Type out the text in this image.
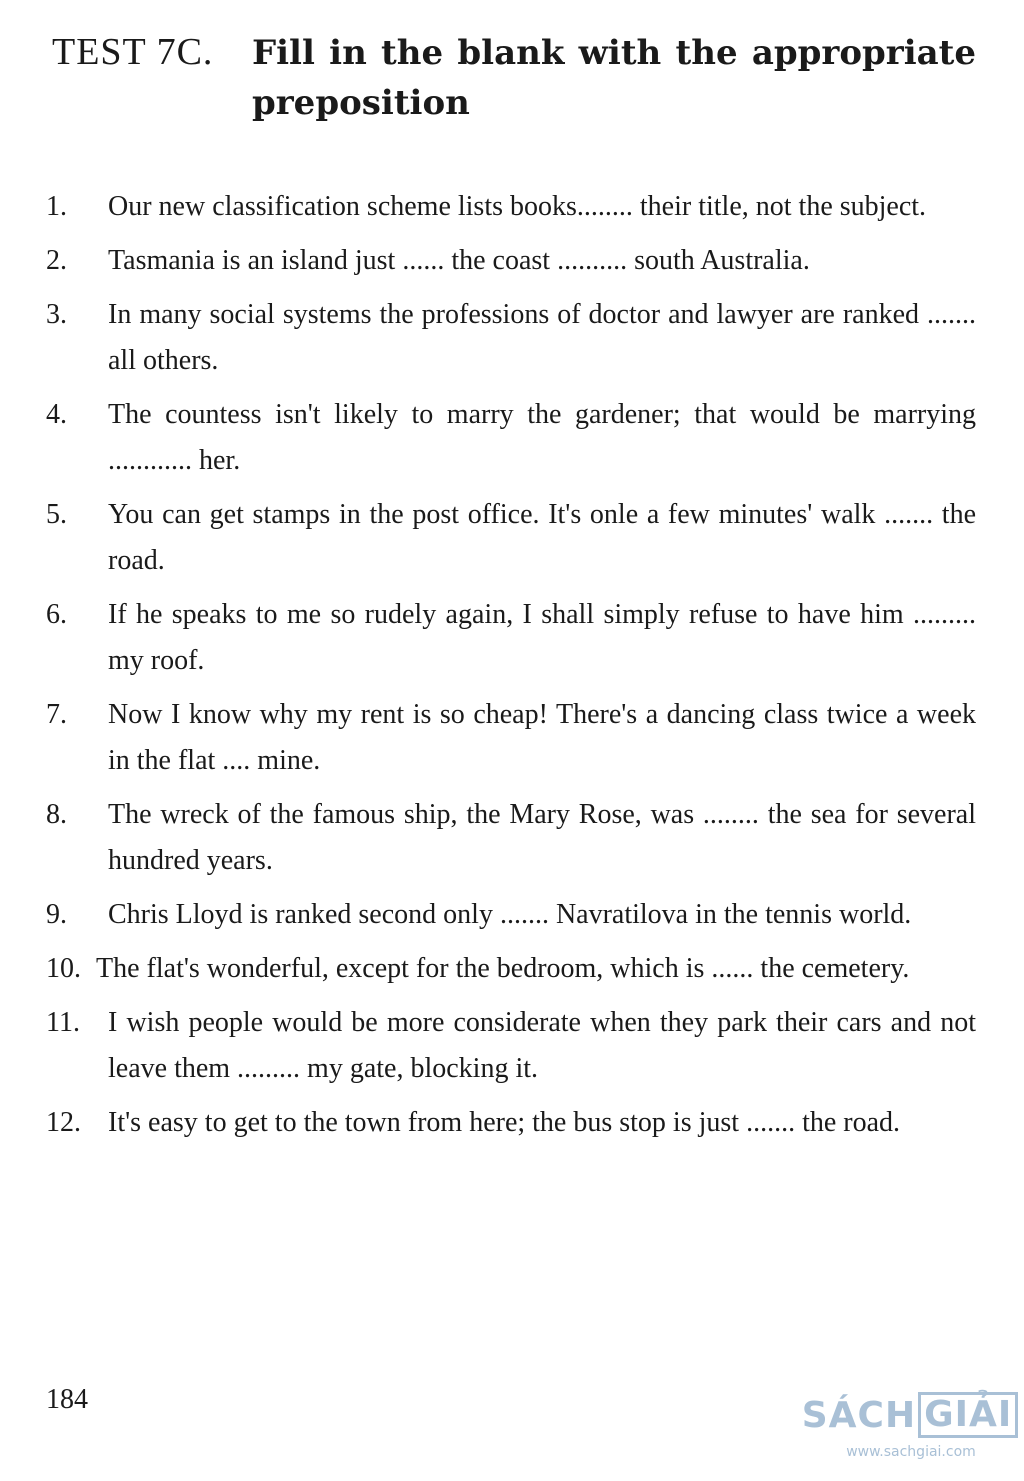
TEST 7C.	Fill in the blank with the appropriate preposition
1.	Our new classification scheme lists books........ their title, not the subject.
2.	Tasmania is an island just ...... the coast .......... south Australia.
3.	In many social systems the professions of doctor and lawyer are ranked ....... all others.
4.	The countess isn't likely to marry the gardener; that would be marrying ............ her.
5.	You can get stamps in the post office. It's onle a few minutes' walk ....... the road.
6.	If he speaks to me so rudely again, I shall simply refuse to have him ......... my roof.
7.	Now I know why my rent is so cheap! There's a dancing class twice a week in the flat .... mine.
8.	The wreck of the famous ship, the Mary Rose, was ........ the sea for several hundred years.
9.	Chris Lloyd is ranked second only ....... Navratilova in the tennis world.
10. The flat's wonderful, except for the bedroom, which is ...... the cemetery.
11.	I wish people would be more considerate when they park their cars and not leave them ......... my gate, blocking it.
12. It's easy to get to the town from here; the bus stop is just ....... the road.
184	SÁCH GIẢI
www.sachgiai.com
